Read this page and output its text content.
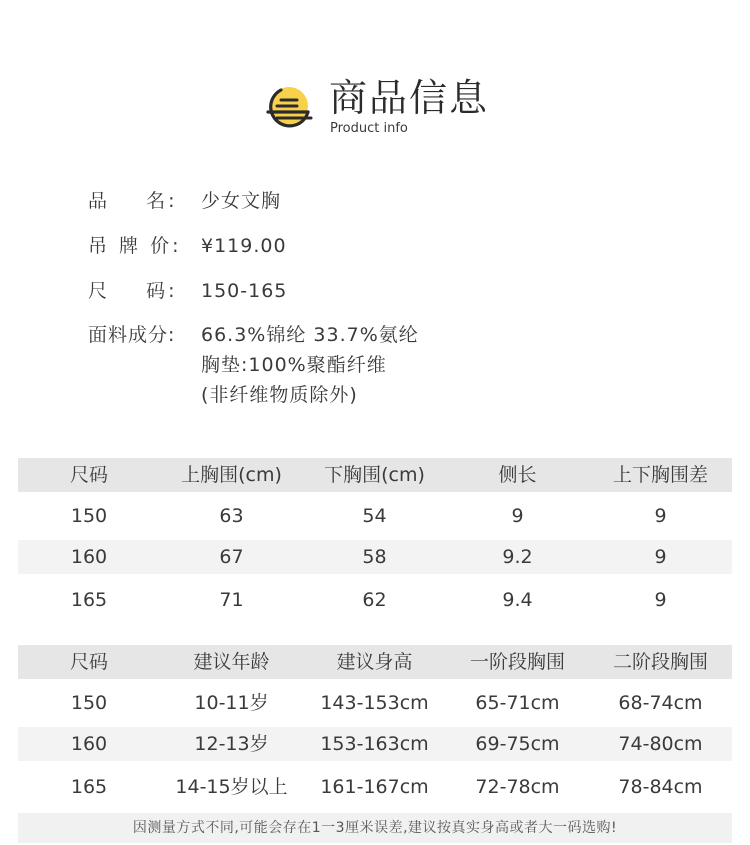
商品信息
Product info
品    名:	少女文胸
吊 牌 价:	¥119.00
尺    码:	150-165
面料成分:	66.3%锦纶 33.7%氨纶
胸垫:100%聚酯纤维
(非纤维物质除外)
尺码	上胸围(cm)	下胸围(cm)	侧长	上下胸围差
150	63	54	9	9
160	67	58	9.2	9
165	71	62	9.4	9
尺码	建议年龄	建议身高	一阶段胸围	二阶段胸围
150	10-11岁	143-153cm	65-71cm	68-74cm
160	12-13岁	153-163cm	69-75cm	74-80cm
165	14-15岁以上	161-167cm	72-78cm	78-84cm
因测量方式不同,可能会存在1一3厘米误差,建议按真实身高或者大一码选购!
